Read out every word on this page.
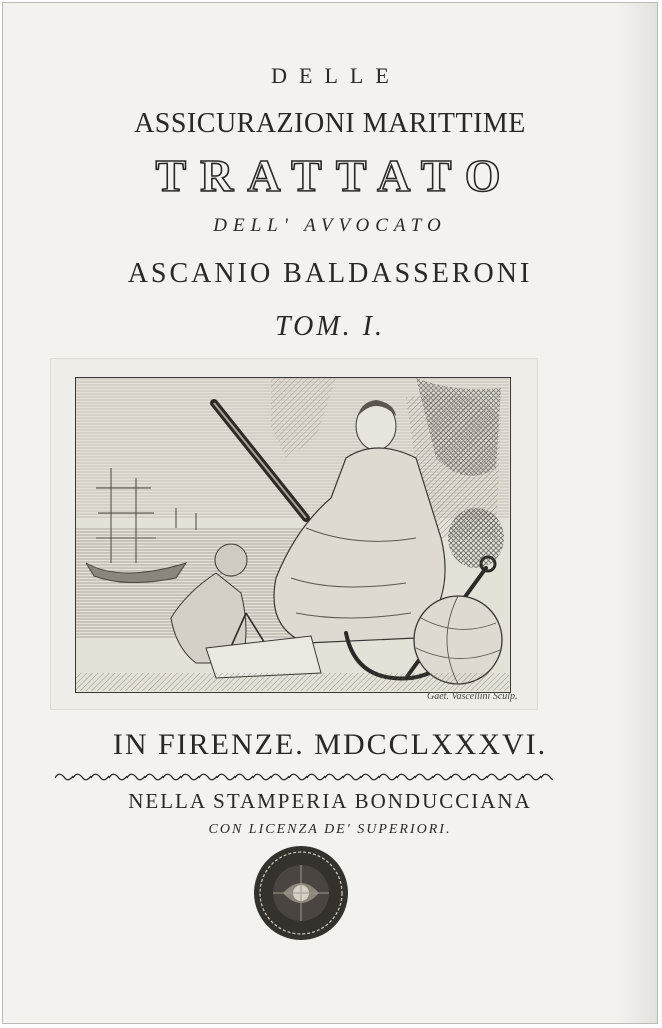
DELLE
ASSICURAZIONI MARITTIME
TRATTATO
DELL' AVVOCATO
ASCANIO BALDASSERONI
TOM. I.
Gaet. Vascellini Sculp.
IN FIRENZE. MDCCLXXXVI.
NELLA STAMPERIA BONDUCCIANA
CON LICENZA DE' SUPERIORI.
